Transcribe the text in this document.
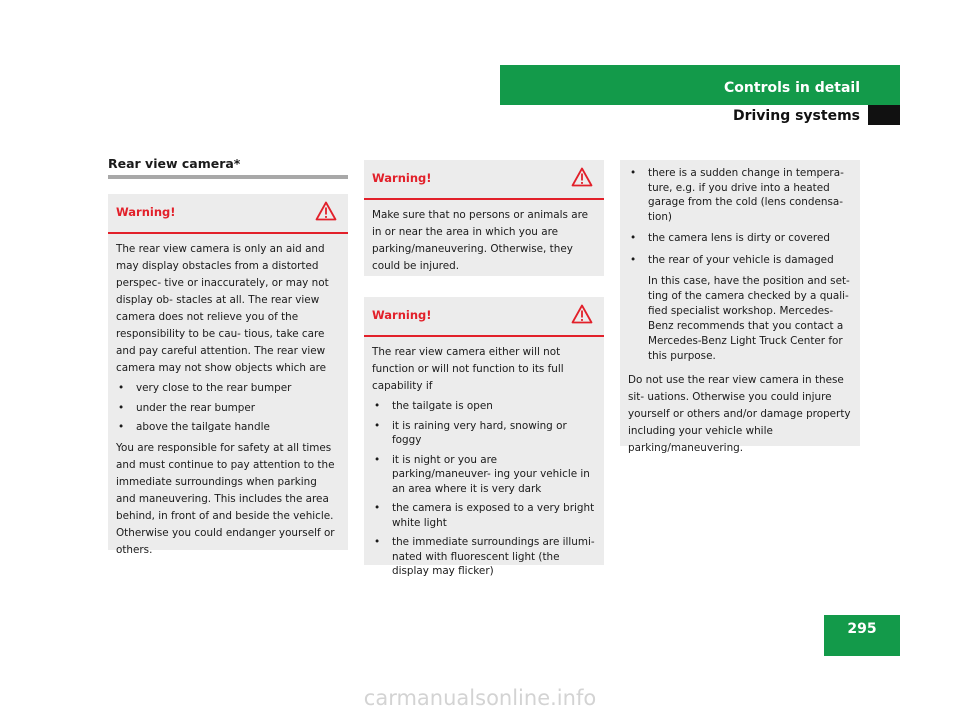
Controls in detail
Driving systems
Rear view camera*
Warning!

The rear view camera is only an aid and may display obstacles from a distorted perspec- tive or inaccurately, or may not display ob- stacles at all. The rear view camera does not relieve you of the responsibility to be cau- tious, take care and pay careful attention. The rear view camera may not show objects which are

• very close to the rear bumper
• under the rear bumper
• above the tailgate handle

You are responsible for safety at all times and must continue to pay attention to the immediate surroundings when parking and maneuvering. This includes the area behind, in front of and beside the vehicle. Otherwise you could endanger yourself or others.

Warning!

Make sure that no persons or animals are in or near the area in which you are parking/maneuvering. Otherwise, they could be injured.

Warning!

The rear view camera either will not function or will not function to its full capability if

• the tailgate is open
• it is raining very hard, snowing or foggy
• it is night or you are parking/maneuver- ing your vehicle in an area where it is very dark
• the camera is exposed to a very bright white light
• the immediate surroundings are illumi- nated with fluorescent light (the display may flicker)
• there is a sudden change in tempera- ture, e.g. if you drive into a heated garage from the cold (lens condensa- tion)
• the camera lens is dirty or covered
• the rear of your vehicle is damaged
In this case, have the position and set- ting of the camera checked by a quali- fied specialist workshop. Mercedes-Benz recommends that you contact a Mercedes-Benz Light Truck Center for this purpose.

Do not use the rear view camera in these sit- uations. Otherwise you could injure yourself or others and/or damage property including your vehicle while parking/maneuvering.

295
carmanualsonline.info
